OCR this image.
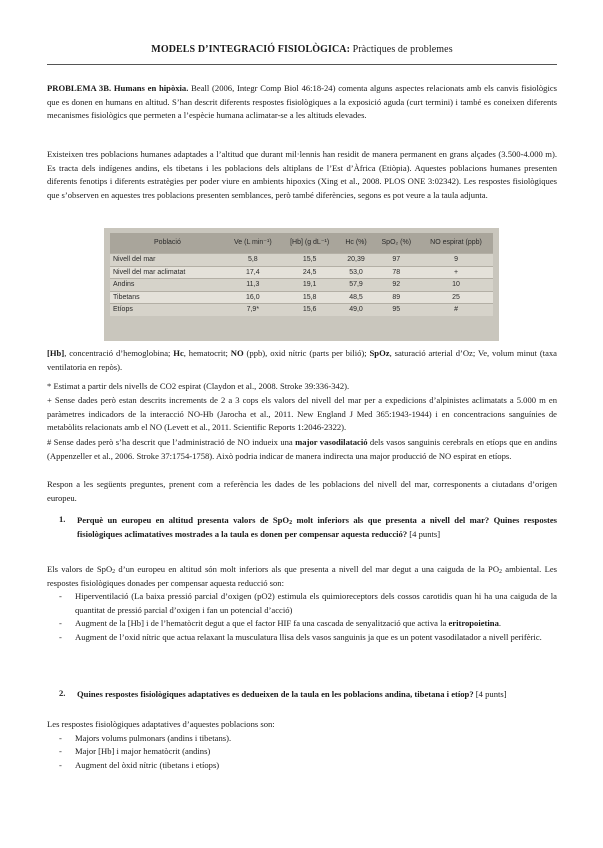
MODELS D’INTEGRACIÓ FISIOLÒGICA: Pràctiques de problemes

PROBLEMA 3B. Humans en hipòxia. Beall (2006, Integr Comp Biol 46:18-24) comenta alguns aspectes relacionats amb els canvis fisiològics que es donen en humans en altitud. S’han descrit diferents respostes fisiològiques a la exposició aguda (curt termini) i també es coneixen diferents mecanismes fisiològics que permeten a l’espècie humana aclimatar-se a les altituds elevades.

Existeixen tres poblacions humanes adaptades a l’altitud que durant mil·lennis han residit de manera permanent en grans alçades (3.500-4.000 m). Es tracta dels indígenes andins, els tibetans i les poblacions dels altiplans de l’Est d’Àfrica (Etiòpia). Aquestes poblacions humanes presenten diferents fenotips i diferents estratègies per poder viure en ambients hipoxics (Xing et al., 2008. PLOS ONE 3:02342). Les respostes fisiològiques que s’observen en aquestes tres poblacions presenten semblances, però també diferències, segons es pot veure a la taula adjunta.

Població	Ve (L min⁻¹)	[Hb] (g dL⁻¹)	Hc (%)	SpO₂ (%)	NO espirat (ppb)
Nivell del mar	5,8	15,5	20,39	97	9
Nivell del mar aclimatat	17,4	24,5	53,0	78	+
Andins	11,3	19,1	57,9	92	10
Tibetans	16,0	15,8	48,5	89	25
Etíops	7,9*	15,6	49,0	95	#

[Hb], concentració d’hemoglobina; Hc, hematocrit; NO (ppb), oxid nítric (parts per bilió); SpOz, saturació arterial d’Oz; Ve, volum minut (taxa ventilatoria en repòs).

* Estimat a partir dels nivells de CO2 espirat (Claydon et al., 2008. Stroke 39:336-342).

+ Sense dades però estan descrits increments de 2 a 3 cops els valors del nivell del mar per a expedicions d’alpinistes aclimatats a 5.000 m en paràmetres indicadors de la interacció NO-Hb (Jarocha et al., 2011. New England J Med 365:1943-1944) i en concentracions sanguínies de metabòlits relacionats amb el NO (Levett et al., 2011. Scientific Reports 1:2046-2322).

# Sense dades però s’ha descrit que l’administració de NO indueix una major vasodilatació dels vasos sanguinis cerebrals en etíops que en andins (Appenzeller et al., 2006. Stroke 37:1754-1758). Això podria indicar de manera indirecta una major producció de NO espirat en etíops.

Respon a les següents preguntes, prenent com a referència les dades de les poblacions del nivell del mar, corresponents a ciutadans d’origen europeu.

1. Perquè un europeu en altitud presenta valors de SpO$_2$ molt inferiors als que presenta a nivell del mar? Quines respostes fisiològiques aclimatatives mostrades a la taula es donen per compensar aquesta reducció? [4 punts]

Els valors de SpO$_2$ d’un europeu en altitud són molt inferiors als que presenta a nivell del mar degut a una caiguda de la $PO_2$ ambiental. Les respostes fisiològiques donades per compensar aquesta reducció son:

- Hiperventilació (La baixa pressió parcial d’oxigen (pO2) estimula els quimioreceptors dels cossos carotidis quan hi ha una caiguda de la quantitat de pressió parcial d’oxigen i fan un potencial d’acció)
- Augment de la [Hb] i de l’hematòcrit degut a que el factor HIF fa una cascada de senyalització que activa la eritropoietina.
- Augment de l’oxid nítric que actua relaxant la musculatura llisa dels vasos sanguinis ja que es un potent vasodilatador a nivell perifèric.
2. Quines respostes fisiològiques adaptatives es dedueixen de la taula en les poblacions andina, tibetana i etíop? [4 punts]

Les respostes fisiològiques adaptatives d’aquestes poblacions son:

- Majors volums pulmonars (andins i tibetans).
- Major [Hb] i major hematòcrit (andins)
- Augment del òxid nítric (tibetans i etíops)
